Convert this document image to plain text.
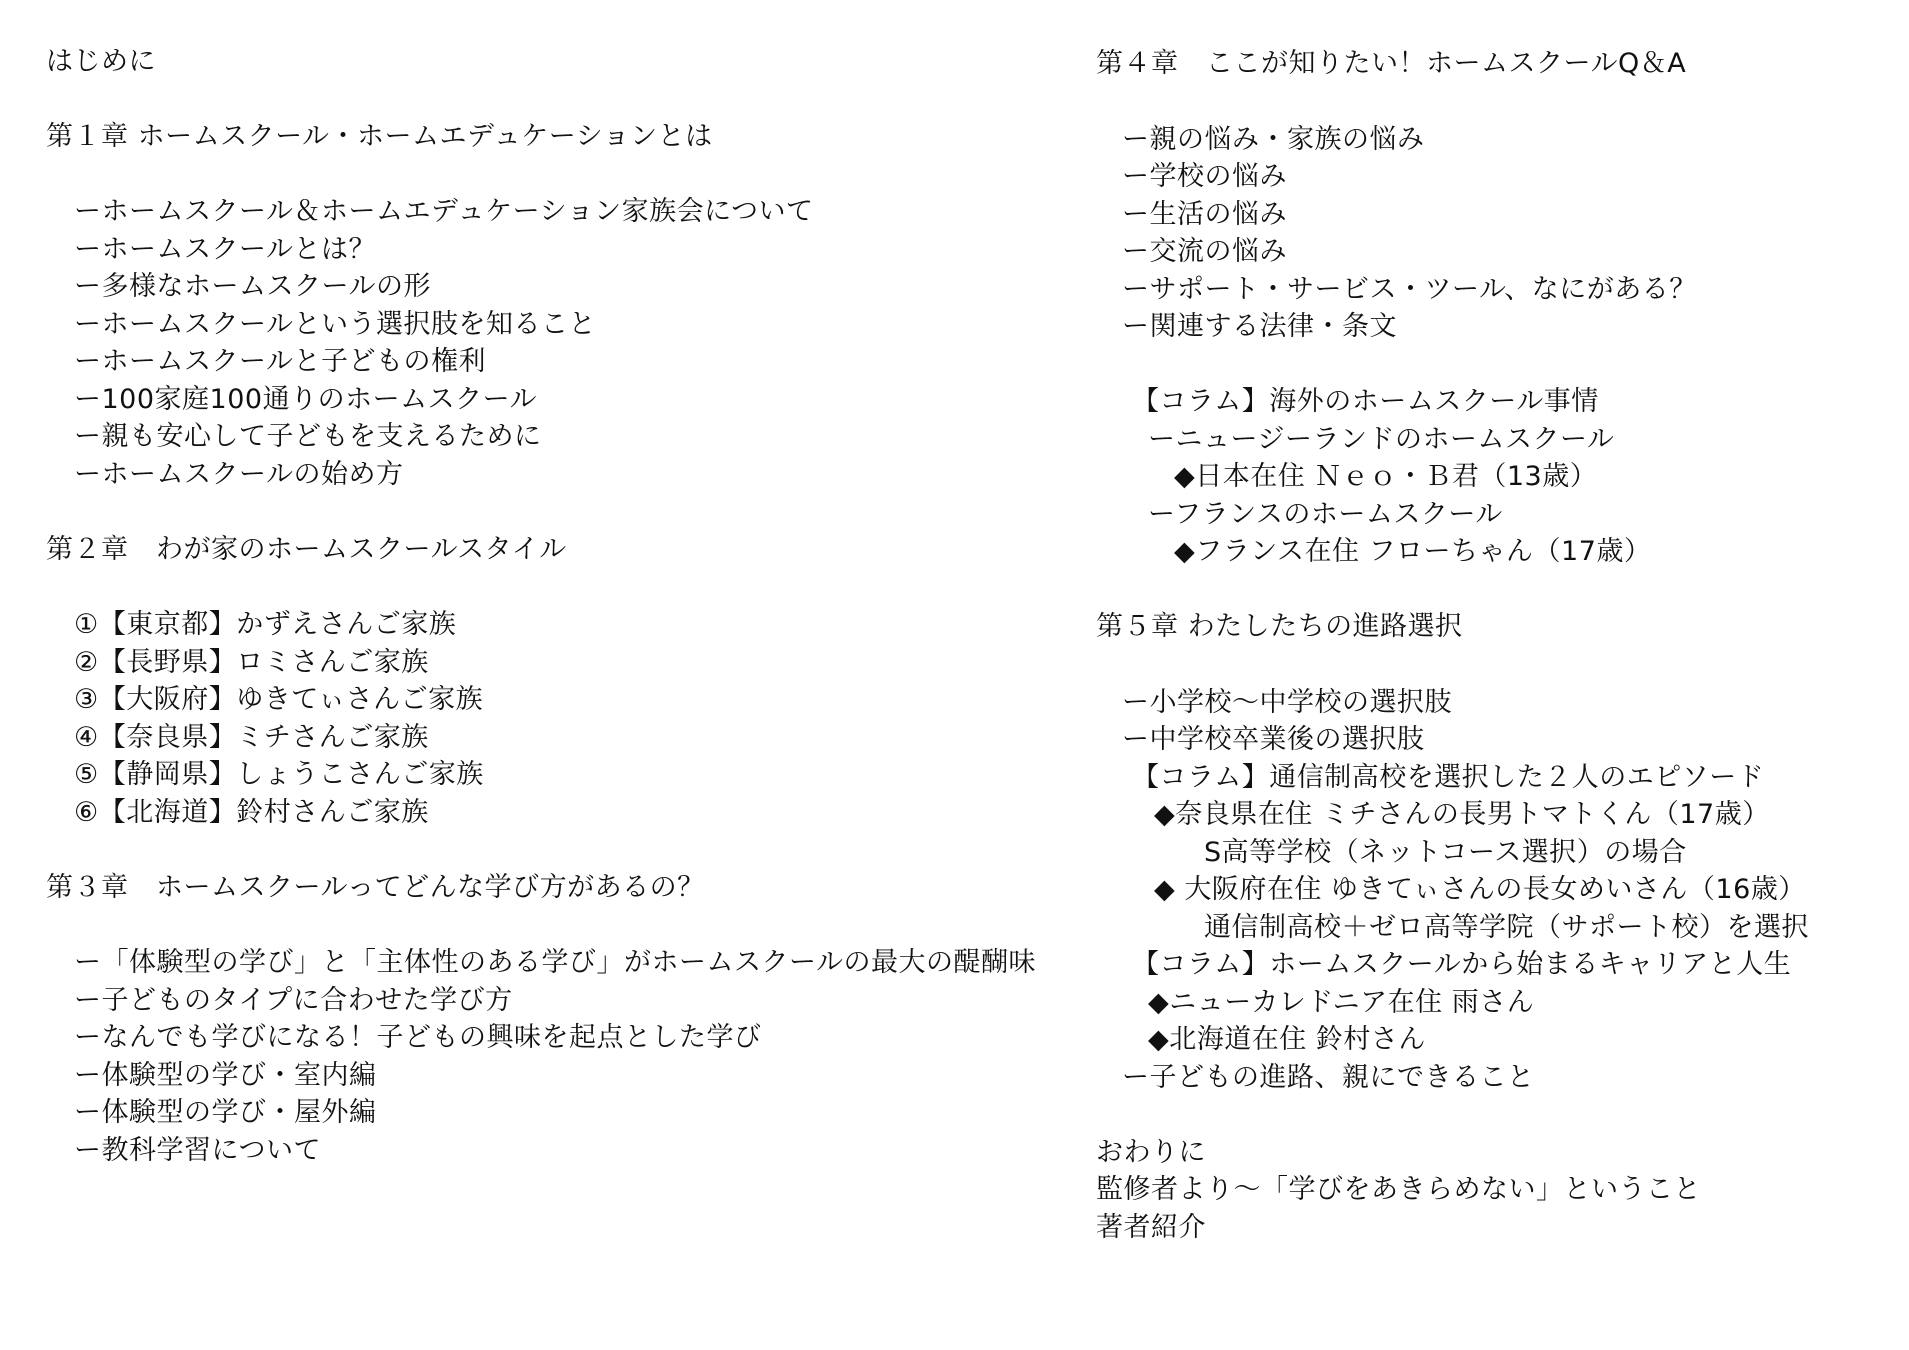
はじめに
第１章 ホームスクール・ホームエデュケーションとは
ーホームスクール＆ホームエデュケーション家族会について
ーホームスクールとは？
ー多様なホームスクールの形
ーホームスクールという選択肢を知ること
ーホームスクールと子どもの権利
ー100家庭100通りのホームスクール
ー親も安心して子どもを支えるために
ーホームスクールの始め方
第２章　わが家のホームスクールスタイル
①【東京都】かずえさんご家族
②【長野県】ロミさんご家族
③【大阪府】ゆきてぃさんご家族
④【奈良県】ミチさんご家族
⑤【静岡県】しょうこさんご家族
⑥【北海道】鈴村さんご家族
第３章　ホームスクールってどんな学び方があるの？
ー「体験型の学び」と「主体性のある学び」がホームスクールの最大の醍醐味
ー子どものタイプに合わせた学び方
ーなんでも学びになる！子どもの興味を起点とした学び
ー体験型の学び・室内編
ー体験型の学び・屋外編
ー教科学習について
第４章　ここが知りたい！ホームスクールQ＆A
ー親の悩み・家族の悩み
ー学校の悩み
ー生活の悩み
ー交流の悩み
ーサポート・サービス・ツール、なにがある？
ー関連する法律・条文
【コラム】海外のホームスクール事情
ーニュージーランドのホームスクール
◆日本在住 Ｎｅｏ・Ｂ君（13歳）
ーフランスのホームスクール
◆フランス在住 フローちゃん（17歳）
第５章 わたしたちの進路選択
ー小学校〜中学校の選択肢
ー中学校卒業後の選択肢
【コラム】通信制高校を選択した２人のエピソード
◆奈良県在住 ミチさんの長男トマトくん（17歳）
S高等学校（ネットコース選択）の場合
◆ 大阪府在住 ゆきてぃさんの長女めいさん（16歳）
通信制高校＋ゼロ高等学院（サポート校）を選択
【コラム】ホームスクールから始まるキャリアと人生
◆ニューカレドニア在住 雨さん
◆北海道在住 鈴村さん
ー子どもの進路、親にできること
おわりに
監修者より〜「学びをあきらめない」ということ
著者紹介
